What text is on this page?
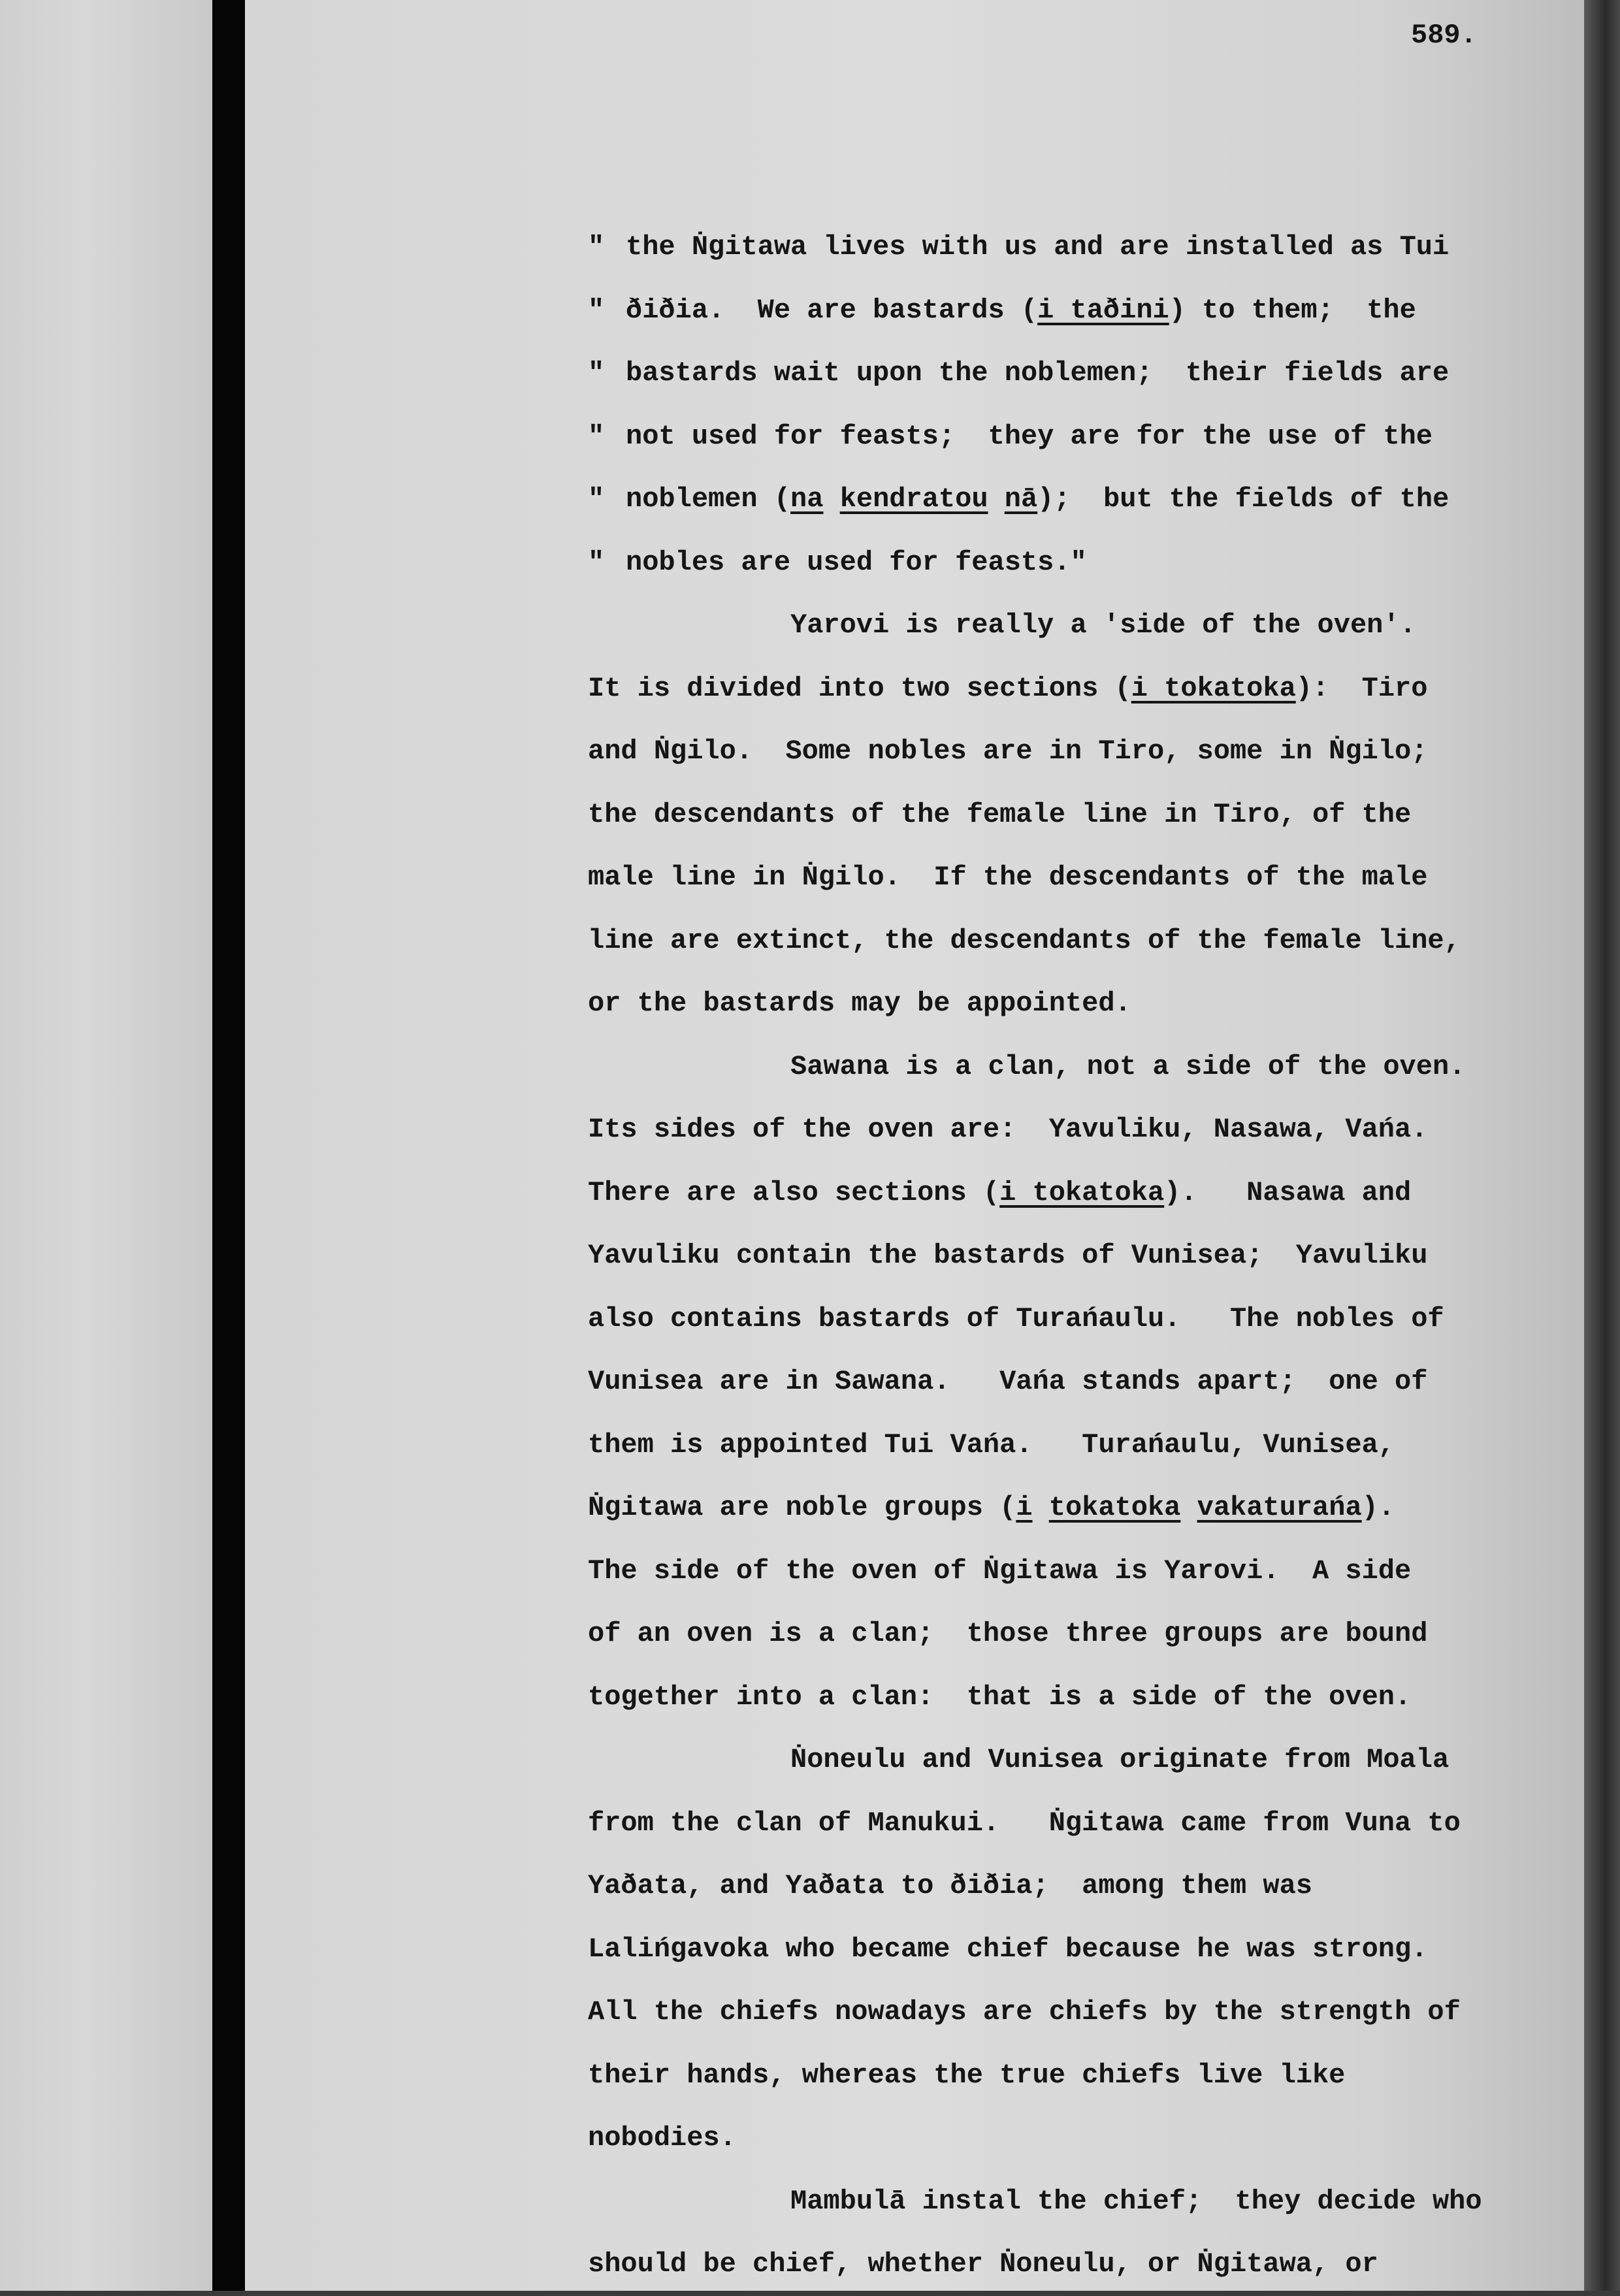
589.
" the Ṅgitawa lives with us and are installed as Tui
" ðiðia.  We are bastards (i taðini) to them;  the
" bastards wait upon the noblemen;  their fields are
" not used for feasts;  they are for the use of the
" noblemen (na kendratou nā);  but the fields of the
" nobles are used for feasts."
Yarovi is really a 'side of the oven'.
It is divided into two sections (i tokatoka):  Tiro
and Ṅgilo.  Some nobles are in Tiro, some in Ṅgilo;
the descendants of the female line in Tiro, of the
male line in Ṅgilo.  If the descendants of the male
line are extinct, the descendants of the female line,
or the bastards may be appointed.
Sawana is a clan, not a side of the oven.
Its sides of the oven are:  Yavuliku, Nasawa, Vańa.
There are also sections (i tokatoka).   Nasawa and
Yavuliku contain the bastards of Vunisea;  Yavuliku
also contains bastards of Turańaulu.   The nobles of
Vunisea are in Sawana.   Vańa stands apart;  one of
them is appointed Tui Vańa.   Turańaulu, Vunisea,
Ṅgitawa are noble groups (i tokatoka vakaturańa).
The side of the oven of Ṅgitawa is Yarovi.  A side
of an oven is a clan;  those three groups are bound
together into a clan:  that is a side of the oven.
Ṅoneulu and Vunisea originate from Moala
from the clan of Manukui.   Ṅgitawa came from Vuna to
Yaðata, and Yaðata to ðiðia;  among them was
Lalińgavoka who became chief because he was strong.
All the chiefs nowadays are chiefs by the strength of
their hands, whereas the true chiefs live like
nobodies.
Mambulā instal the chief;  they decide who
should be chief, whether Ṅoneulu, or Ṅgitawa, or
